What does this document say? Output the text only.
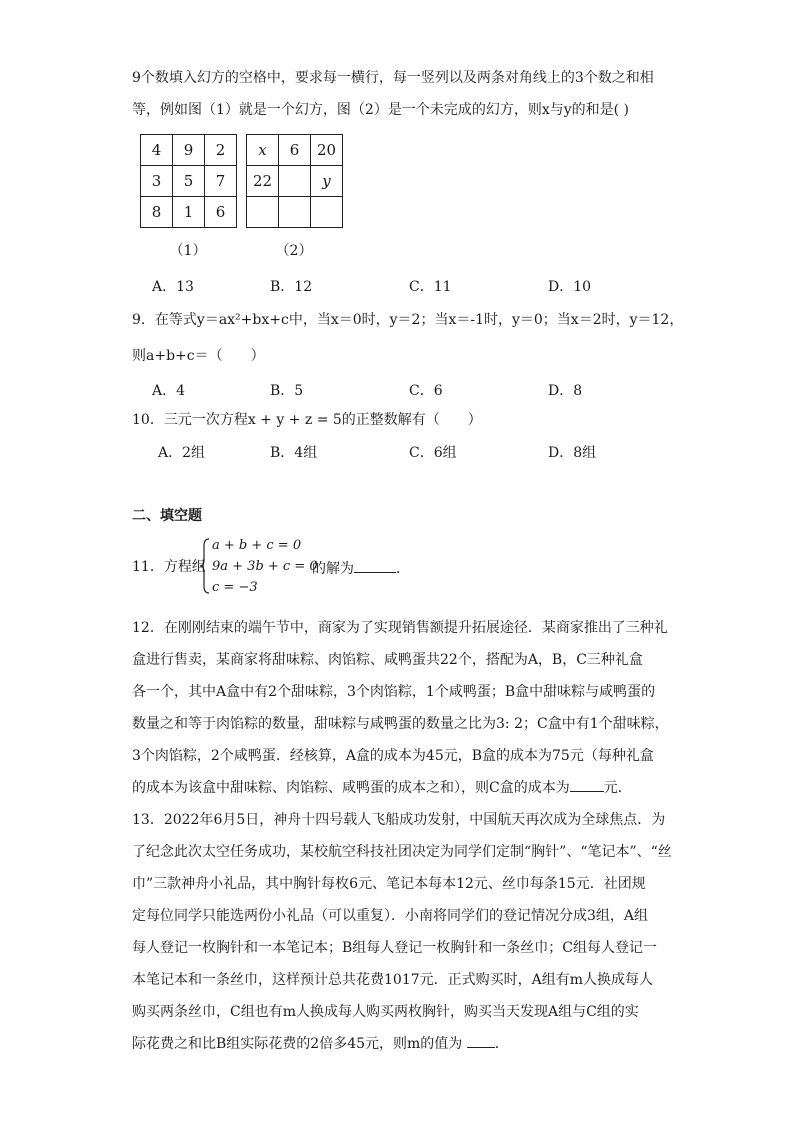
9个数填入幻方的空格中，要求每一横行，每一竖列以及两条对角线上的3个数之和相
等，例如图（1）就是一个幻方，图（2）是一个未完成的幻方，则x与y的和是( )
4	9	2
3	5	7
8	1	6
x	6	20
22		y

（1）	（2）
A．13	B．12	C．11	D．10
9．在等式y＝ax²+bx+c中，当x＝0时，y＝2；当x＝-1时，y＝0；当x＝2时，y＝12，
则a+b+c＝（　　）
A．4	B．5	C．6	D．8
10．三元一次方程x + y + z = 5的正整数解有（　　）
A．2组	B．4组	C．6组	D．8组
二、填空题
11．方程组
a + b + c = 0
9a + 3b + c = 0
c = −3
的解为	．
12．在刚刚结束的端午节中，商家为了实现销售额提升拓展途径．某商家推出了三种礼
盒进行售卖，某商家将甜味粽、肉馅粽、咸鸭蛋共22个，搭配为A，B，C三种礼盒
各一个，其中A盒中有2个甜味粽，3个肉馅粽，1个咸鸭蛋；B盒中甜味粽与咸鸭蛋的
数量之和等于肉馅粽的数量，甜味粽与咸鸭蛋的数量之比为3: 2；C盒中有1个甜味粽，
3个肉馅粽，2个咸鸭蛋．经核算，A盒的成本为45元，B盒的成本为75元（每种礼盒
的成本为该盒中甜味粽、肉馅粽、咸鸭蛋的成本之和），则C盒的成本为 元．
13．2022年6月5日，神舟十四号载人飞船成功发射，中国航天再次成为全球焦点．为
了纪念此次太空任务成功，某校航空科技社团决定为同学们定制“胸针”、“笔记本”、“丝
巾”三款神舟小礼品，其中胸针每枚6元、笔记本每本12元、丝巾每条15元．社团规
定每位同学只能选两份小礼品（可以重复）．小南将同学们的登记情况分成3组，A组
每人登记一枚胸针和一本笔记本；B组每人登记一枚胸针和一条丝巾；C组每人登记一
本笔记本和一条丝巾，这样预计总共花费1017元．正式购买时，A组有m人换成每人
购买两条丝巾，C组也有m人换成每人购买两枚胸针，购买当天发现A组与C组的实
际花费之和比B组实际花费的2倍多45元，则m的值为 ．
